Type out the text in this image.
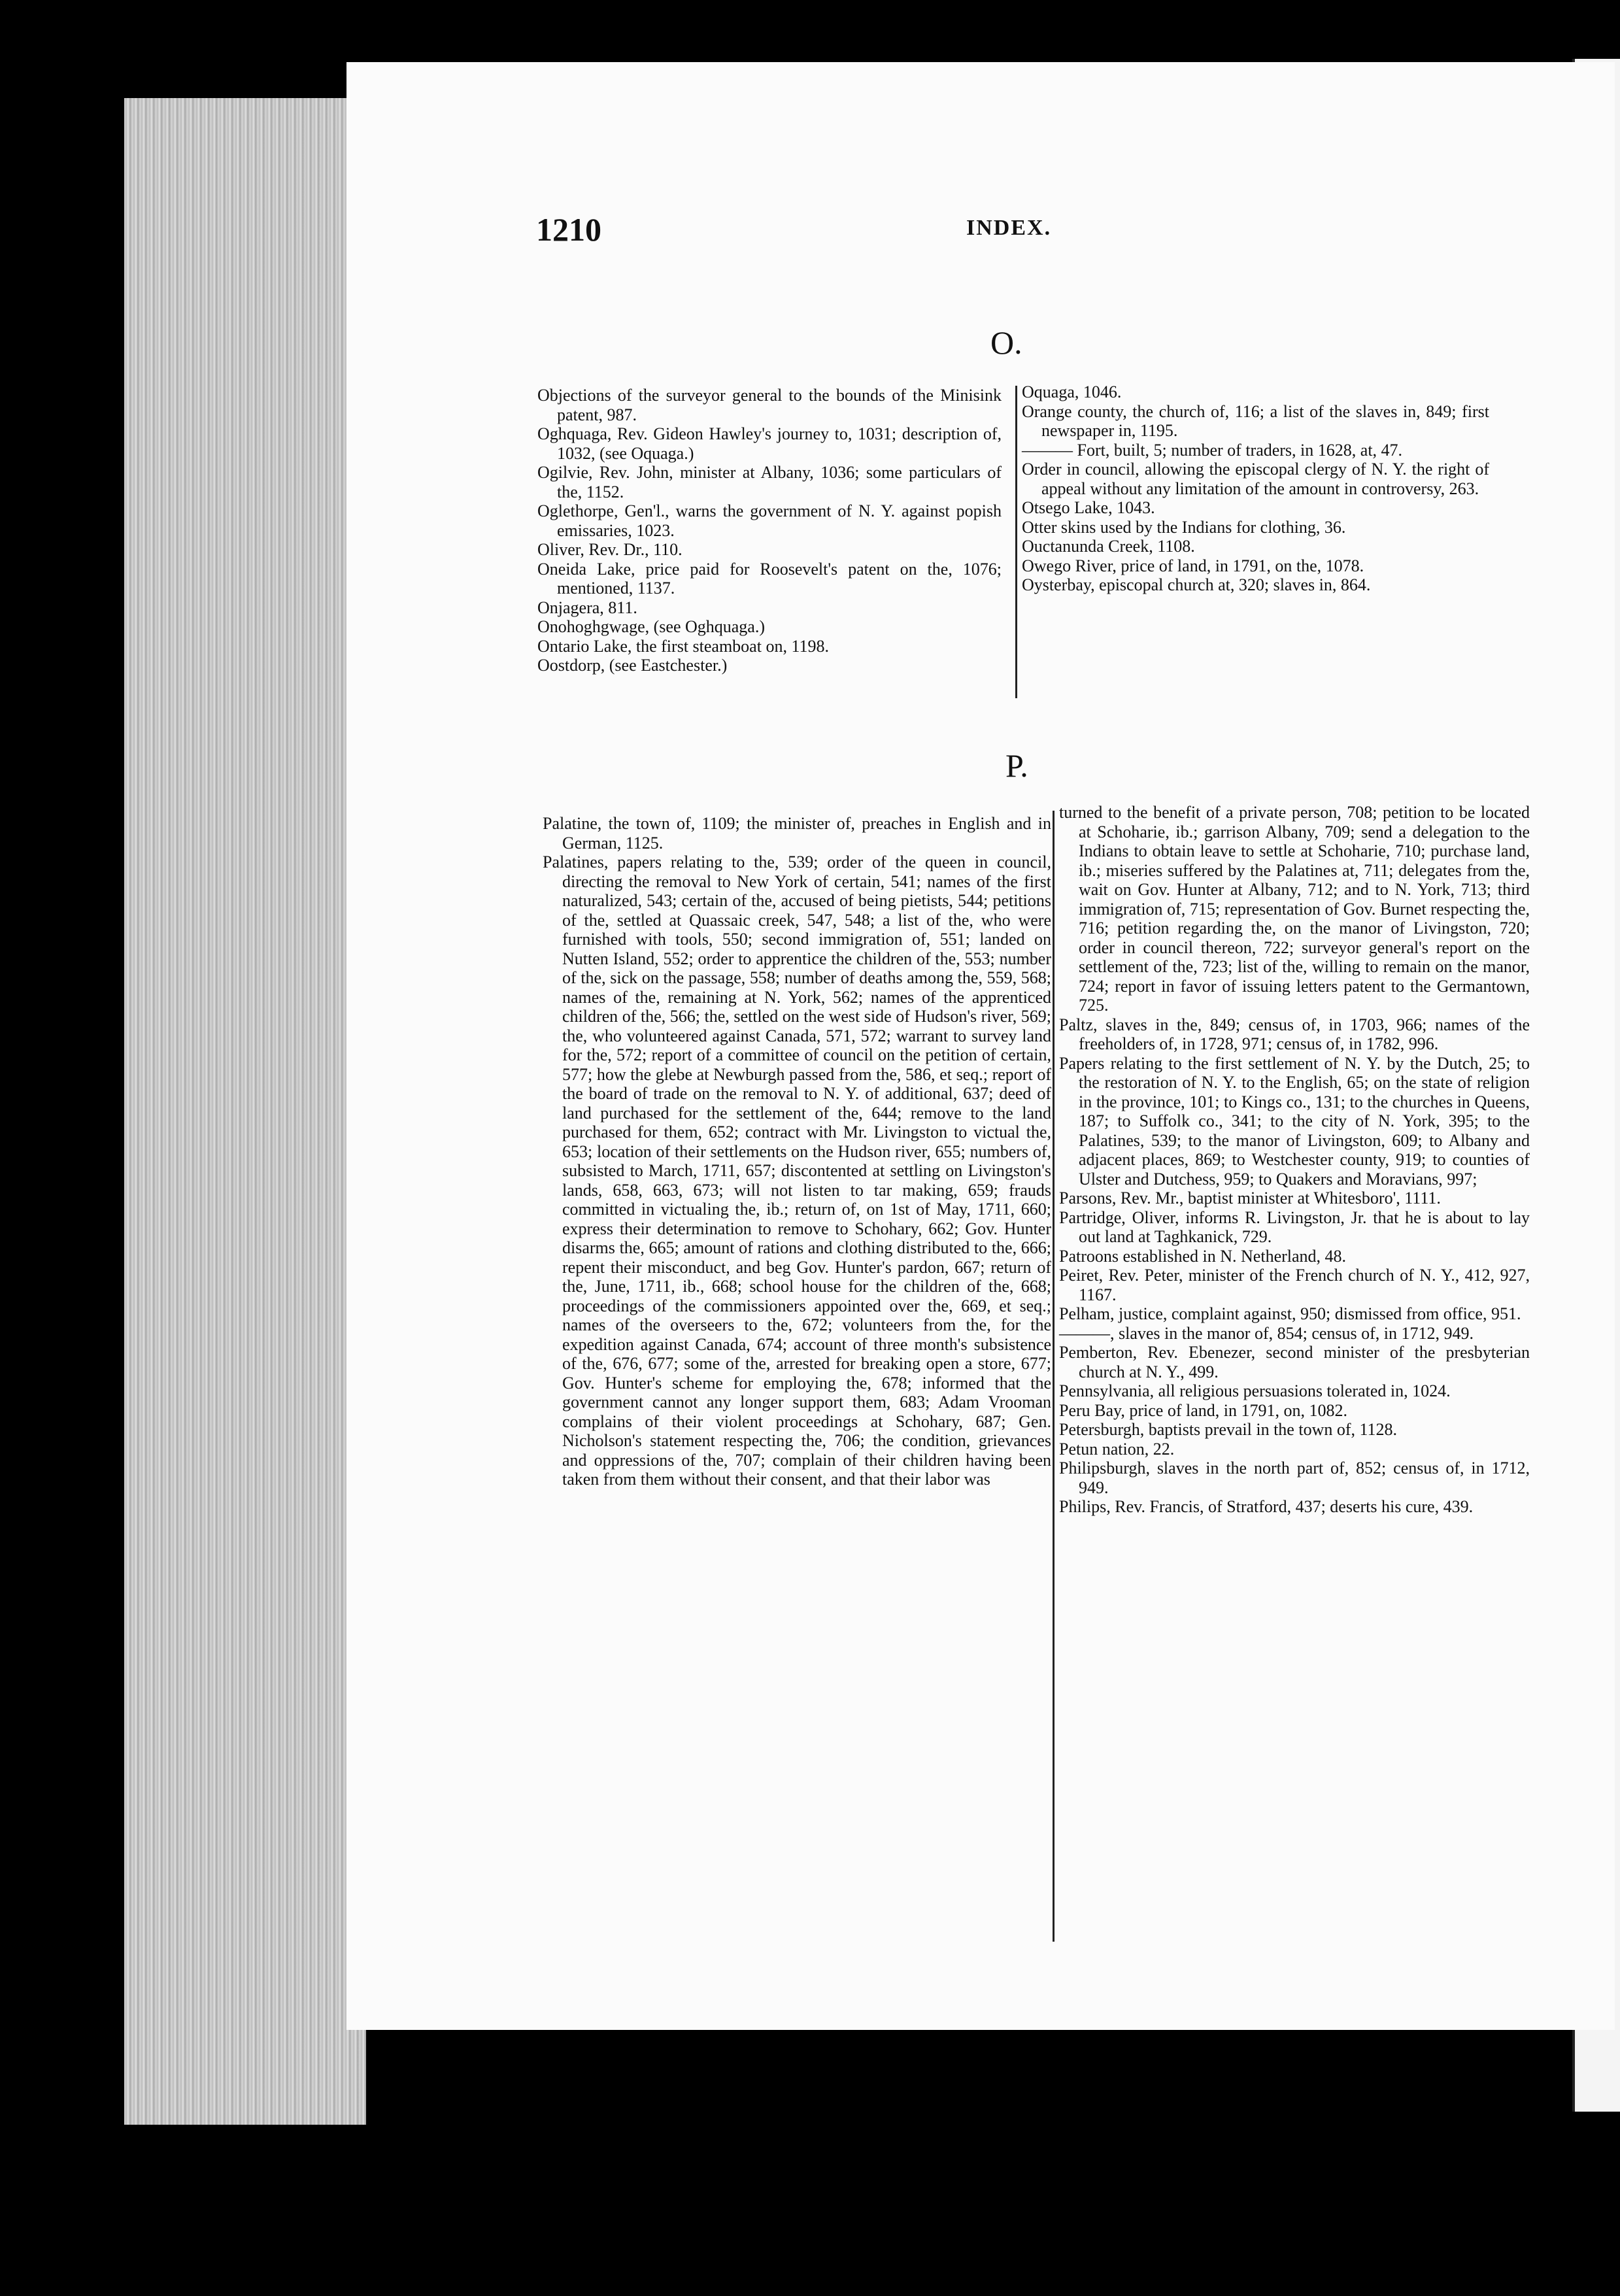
1210	INDEX.
O.

Objections of the surveyor general to the bounds of the Minisink patent, 987.

Oghquaga, Rev. Gideon Hawley's journey to, 1031; description of, 1032, (see Oquaga.)

Ogilvie, Rev. John, minister at Albany, 1036; some particulars of the, 1152.

Oglethorpe, Gen'l., warns the government of N. Y. against popish emissaries, 1023.

Oliver, Rev. Dr., 110.

Oneida Lake, price paid for Roosevelt's patent on the, 1076; mentioned, 1137.

Onjagera, 811.

Onohoghgwage, (see Oghquaga.)

Ontario Lake, the first steamboat on, 1198.

Oostdorp, (see Eastchester.)

Oquaga, 1046.

Orange county, the church of, 116; a list of the slaves in, 849; first newspaper in, 1195.

——— Fort, built, 5; number of traders, in 1628, at, 47.

Order in council, allowing the episcopal clergy of N. Y. the right of appeal without any limitation of the amount in controversy, 263.

Otsego Lake, 1043.

Otter skins used by the Indians for clothing, 36.

Ouctanunda Creek, 1108.

Owego River, price of land, in 1791, on the, 1078.

Oysterbay, episcopal church at, 320; slaves in, 864.

P.

Palatine, the town of, 1109; the minister of, preaches in English and in German, 1125.

Palatines, papers relating to the, 539; order of the queen in council, directing the removal to New York of certain, 541; names of the first naturalized, 543; certain of the, accused of being pietists, 544; petitions of the, settled at Quassaic creek, 547, 548; a list of the, who were furnished with tools, 550; second immigration of, 551; landed on Nutten Island, 552; order to apprentice the children of the, 553; number of the, sick on the passage, 558; number of deaths among the, 559, 568; names of the, remaining at N. York, 562; names of the apprenticed children of the, 566; the, settled on the west side of Hudson's river, 569; the, who volunteered against Canada, 571, 572; warrant to survey land for the, 572; report of a committee of council on the petition of certain, 577; how the glebe at Newburgh passed from the, 586, et seq.; report of the board of trade on the removal to N. Y. of additional, 637; deed of land purchased for the settlement of the, 644; remove to the land purchased for them, 652; contract with Mr. Livingston to victual the, 653; location of their settlements on the Hudson river, 655; numbers of, subsisted to March, 1711, 657; discontented at settling on Livingston's lands, 658, 663, 673; will not listen to tar making, 659; frauds committed in victualing the, ib.; return of, on 1st of May, 1711, 660; express their determination to remove to Schohary, 662; Gov. Hunter disarms the, 665; amount of rations and clothing distributed to the, 666; repent their misconduct, and beg Gov. Hunter's pardon, 667; return of the, June, 1711, ib., 668; school house for the children of the, 668; proceedings of the commissioners appointed over the, 669, et seq.; names of the overseers to the, 672; volunteers from the, for the expedition against Canada, 674; account of three month's subsistence of the, 676, 677; some of the, arrested for breaking open a store, 677; Gov. Hunter's scheme for employing the, 678; informed that the government cannot any longer support them, 683; Adam Vrooman complains of their violent proceedings at Schohary, 687; Gen. Nicholson's statement respecting the, 706; the condition, grievances and oppressions of the, 707; complain of their children having been taken from them without their consent, and that their labor was

turned to the benefit of a private person, 708; petition to be located at Schoharie, ib.; garrison Albany, 709; send a delegation to the Indians to obtain leave to settle at Schoharie, 710; purchase land, ib.; miseries suffered by the Palatines at, 711; delegates from the, wait on Gov. Hunter at Albany, 712; and to N. York, 713; third immigration of, 715; representation of Gov. Burnet respecting the, 716; petition regarding the, on the manor of Livingston, 720; order in council thereon, 722; surveyor general's report on the settlement of the, 723; list of the, willing to remain on the manor, 724; report in favor of issuing letters patent to the Germantown, 725.

Paltz, slaves in the, 849; census of, in 1703, 966; names of the freeholders of, in 1728, 971; census of, in 1782, 996.

Papers relating to the first settlement of N. Y. by the Dutch, 25; to the restoration of N. Y. to the English, 65; on the state of religion in the province, 101; to Kings co., 131; to the churches in Queens, 187; to Suffolk co., 341; to the city of N. York, 395; to the Palatines, 539; to the manor of Livingston, 609; to Albany and adjacent places, 869; to Westchester county, 919; to counties of Ulster and Dutchess, 959; to Quakers and Moravians, 997;

Parsons, Rev. Mr., baptist minister at Whitesboro', 1111.

Partridge, Oliver, informs R. Livingston, Jr. that he is about to lay out land at Taghkanick, 729.

Patroons established in N. Netherland, 48.

Peiret, Rev. Peter, minister of the French church of N. Y., 412, 927, 1167.

Pelham, justice, complaint against, 950; dismissed from office, 951.

———, slaves in the manor of, 854; census of, in 1712, 949.

Pemberton, Rev. Ebenezer, second minister of the presbyterian church at N. Y., 499.

Pennsylvania, all religious persuasions tolerated in, 1024.

Peru Bay, price of land, in 1791, on, 1082.

Petersburgh, baptists prevail in the town of, 1128.

Petun nation, 22.

Philipsburgh, slaves in the north part of, 852; census of, in 1712, 949.

Philips, Rev. Francis, of Stratford, 437; deserts his cure, 439.
